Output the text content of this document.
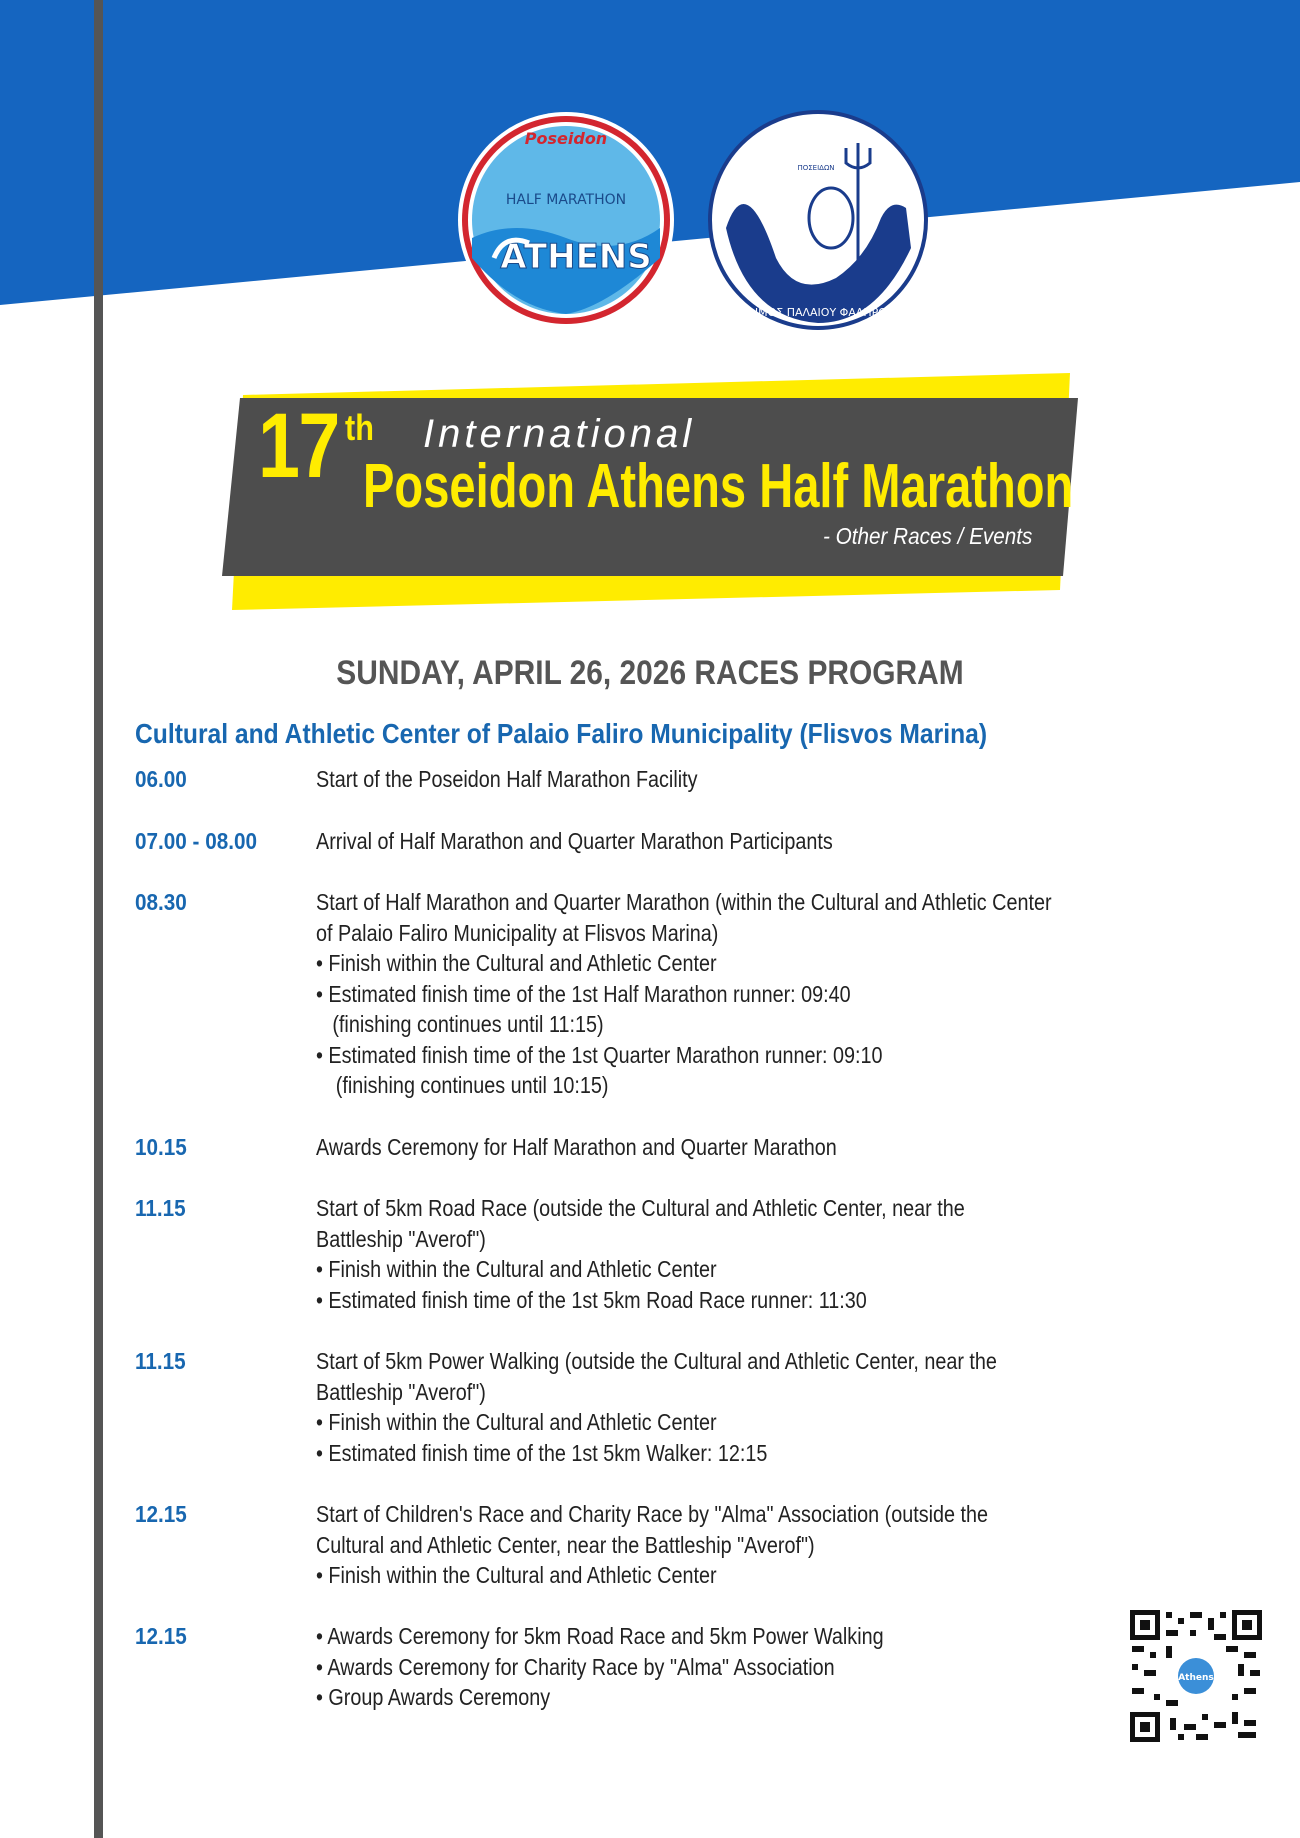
Poseidon
HALF MARATHON
ATHENS
ΠΟΣΕΙΔΩΝ
ΔΗΜΟΣ ΠΑΛΑΙΟΥ ΦΑΛΗΡΟΥ
17 th International
Poseidon Athens Half Marathon
- Other Races / Events
SUNDAY, APRIL 26, 2026 RACES PROGRAM
Cultural and Athletic Center of Palaio Faliro Municipality (Flisvos Marina)
06.00	Start of the Poseidon Half Marathon Facility
07.00 - 08.00	Arrival of Half Marathon and Quarter Marathon Participants
08.30	Start of Half Marathon and Quarter Marathon (within the Cultural and Athletic Center
of Palaio Faliro Municipality at Flisvos Marina)
• Finish within the Cultural and Athletic Center
• Estimated finish time of the 1st Half Marathon runner: 09:40
(finishing continues until 11:15)
• Estimated finish time of the 1st Quarter Marathon runner: 09:10
(finishing continues until 10:15)
10.15	Awards Ceremony for Half Marathon and Quarter Marathon
11.15	Start of 5km Road Race (outside the Cultural and Athletic Center, near the
Battleship "Averof")
• Finish within the Cultural and Athletic Center
• Estimated finish time of the 1st 5km Road Race runner: 11:30
11.15	Start of 5km Power Walking (outside the Cultural and Athletic Center, near the
Battleship "Averof")
• Finish within the Cultural and Athletic Center
• Estimated finish time of the 1st 5km Walker: 12:15
12.15	Start of Children's Race and Charity Race by "Alma" Association (outside the
Cultural and Athletic Center, near the Battleship "Averof")
• Finish within the Cultural and Athletic Center
12.15	• Awards Ceremony for 5km Road Race and 5km Power Walking
• Awards Ceremony for Charity Race by "Alma" Association
• Group Awards Ceremony
Athens
